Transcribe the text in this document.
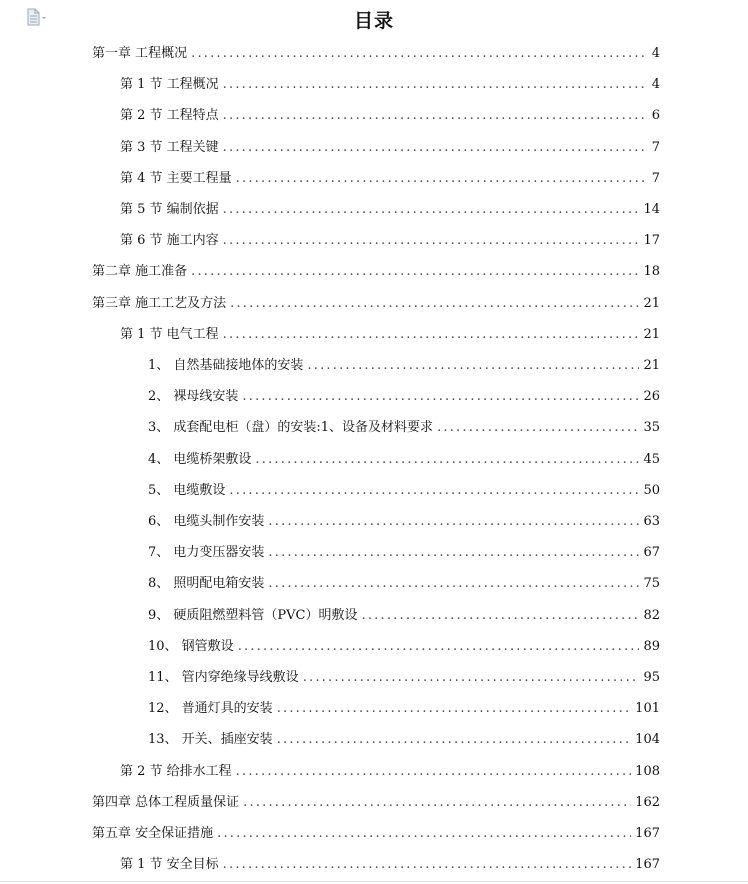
目录
第一章 工程概况 .....	4
第 1 节 工程概况 .....	4
第 2 节 工程特点 .....	6
第 3 节 工程关键 .....	7
第 4 节 主要工程量 .....	7
第 5 节 编制依据 .....	14
第 6 节 施工内容 .....	17
第二章 施工准备 .....	18
第三章 施工工艺及方法 .....	21
第 1 节 电气工程 .....	21
1、 自然基础接地体的安装 .....	21
2、 裸母线安装 .....	26
3、 成套配电柜（盘）的安装:1、设备及材料要求 .....	35
4、 电缆桥架敷设 .....	45
5、 电缆敷设 .....	50
6、 电缆头制作安装 .....	63
7、 电力变压器安装 .....	67
8、 照明配电箱安装 .....	75
9、 硬质阻燃塑料管（PVC）明敷设 .....	82
10、 钢管敷设 .....	89
11、 管内穿绝缘导线敷设 .....	95
12、 普通灯具的安装 .....	101
13、 开关、插座安装 .....	104
第 2 节 给排水工程 .....	108
第四章 总体工程质量保证 .....	162
第五章 安全保证措施 .....	167
第 1 节 安全目标 .....	167
